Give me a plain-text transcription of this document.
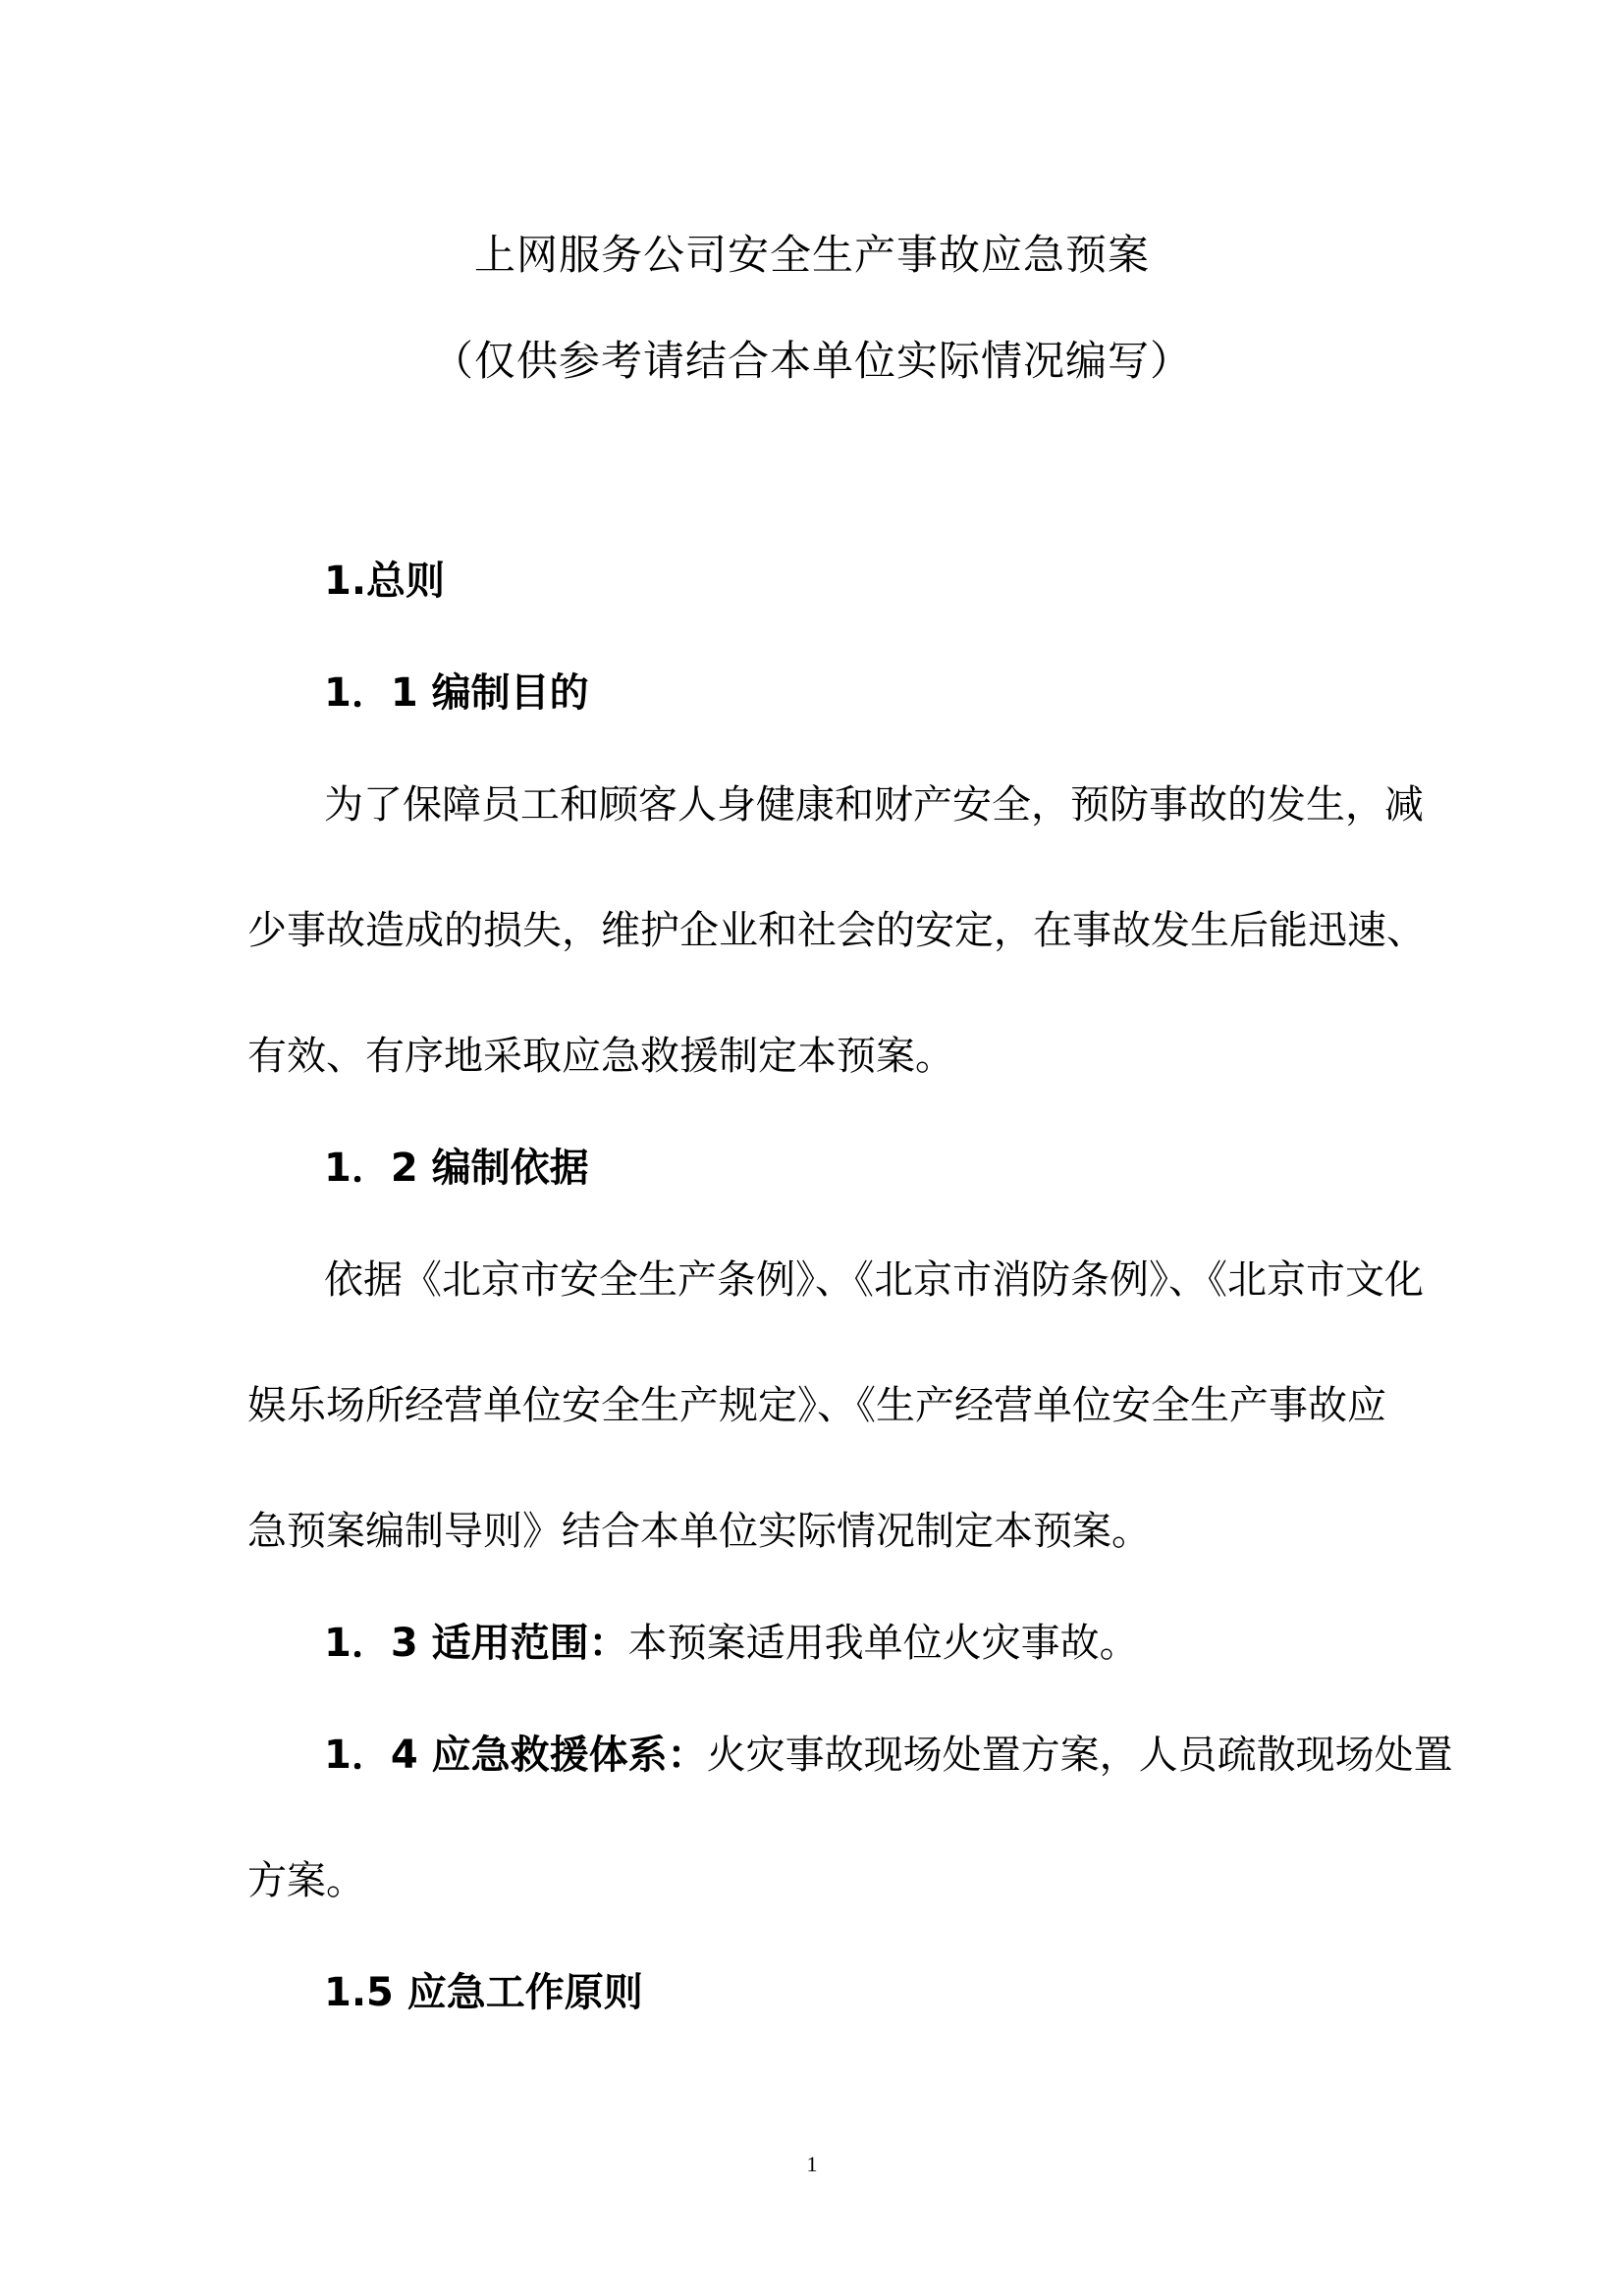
上网服务公司安全生产事故应急预案
（仅供参考请结合本单位实际情况编写）
1.总则
1．1 编制目的
为了保障员工和顾客人身健康和财产安全，预防事故的发生，减
少事故造成的损失，维护企业和社会的安定，在事故发生后能迅速、
有效、有序地采取应急救援制定本预案。
1．2 编制依据
依据《北京市安全生产条例》、《北京市消防条例》、《北京市文化
娱乐场所经营单位安全生产规定》、《生产经营单位安全生产事故应
急预案编制导则》结合本单位实际情况制定本预案。
1．3 适用范围：本预案适用我单位火灾事故。
1．4 应急救援体系：火灾事故现场处置方案，人员疏散现场处置
方案。
1.5 应急工作原则
1
